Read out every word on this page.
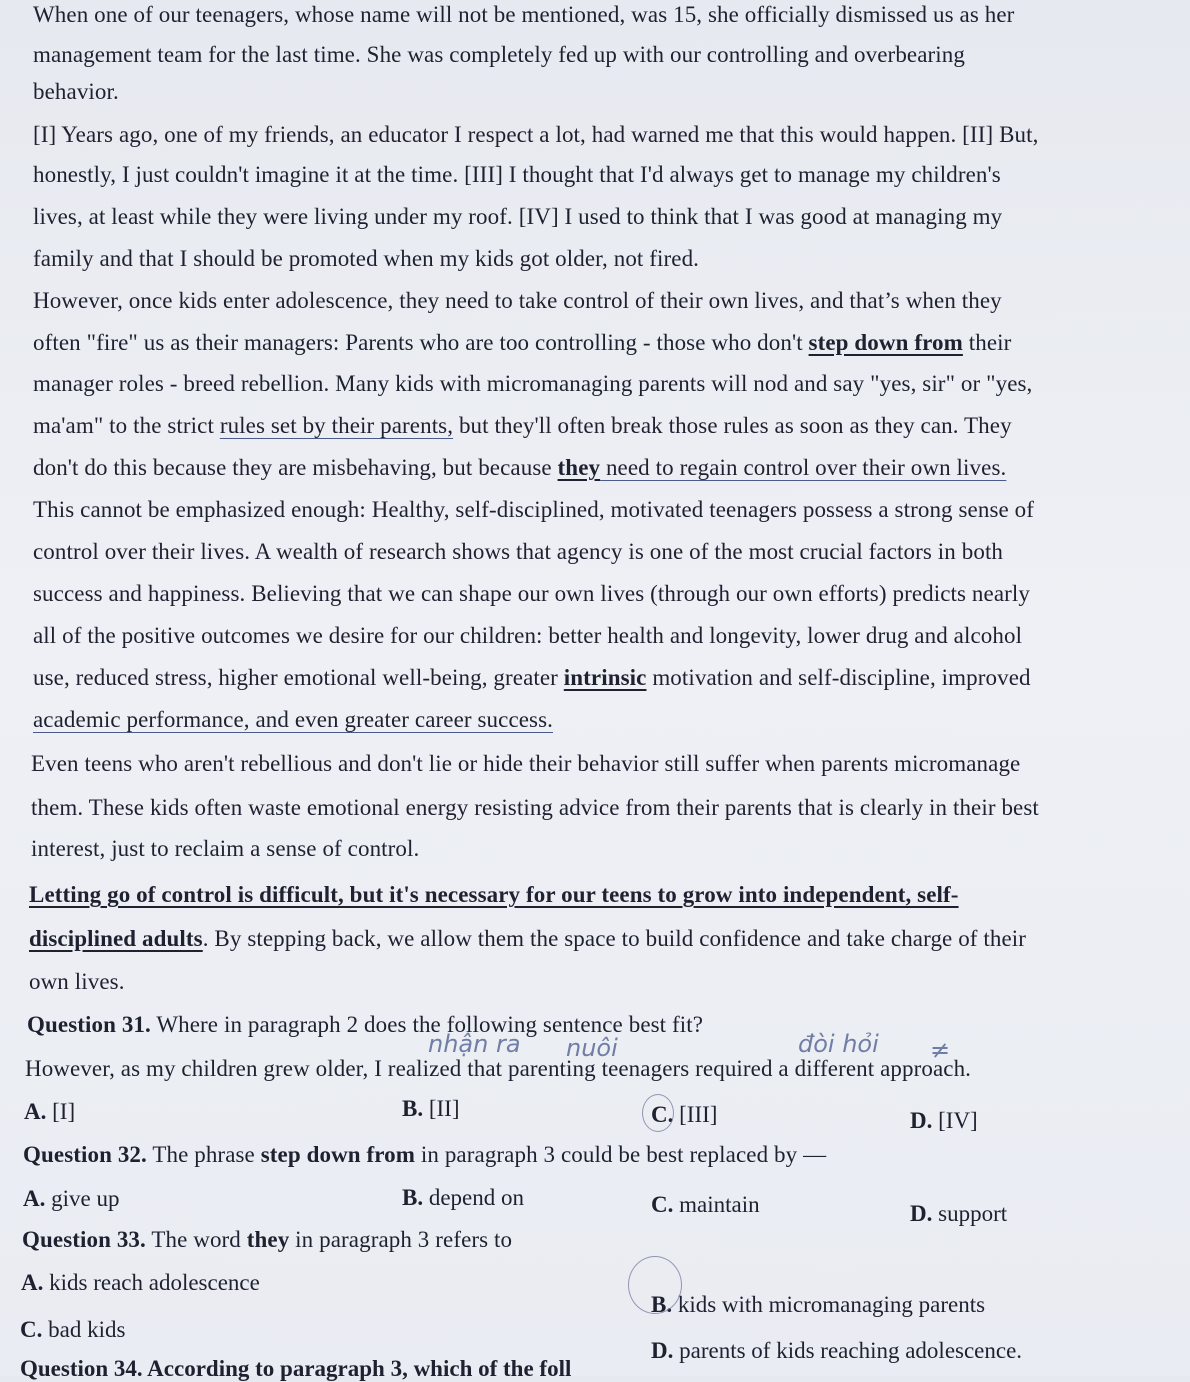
When one of our teenagers, whose name will not be mentioned, was 15, she officially dismissed us as her
management team for the last time. She was completely fed up with our controlling and overbearing
behavior.
[I] Years ago, one of my friends, an educator I respect a lot, had warned me that this would happen. [II] But,
honestly, I just couldn't imagine it at the time. [III] I thought that I'd always get to manage my children's
lives, at least while they were living under my roof. [IV] I used to think that I was good at managing my
family and that I should be promoted when my kids got older, not fired.
However, once kids enter adolescence, they need to take control of their own lives, and that’s when they
often "fire" us as their managers: Parents who are too controlling - those who don't step down from their
manager roles - breed rebellion. Many kids with micromanaging parents will nod and say "yes, sir" or "yes,
ma'am" to the strict rules set by their parents, but they'll often break those rules as soon as they can. They
don't do this because they are misbehaving, but because they need to regain control over their own lives.
This cannot be emphasized enough: Healthy, self-disciplined, motivated teenagers possess a strong sense of
control over their lives. A wealth of research shows that agency is one of the most crucial factors in both
success and happiness. Believing that we can shape our own lives (through our own efforts) predicts nearly
all of the positive outcomes we desire for our children: better health and longevity, lower drug and alcohol
use, reduced stress, higher emotional well-being, greater intrinsic motivation and self-discipline, improved
academic performance, and even greater career success.
Even teens who aren't rebellious and don't lie or hide their behavior still suffer when parents micromanage
them. These kids often waste emotional energy resisting advice from their parents that is clearly in their best
interest, just to reclaim a sense of control.
Letting go of control is difficult, but it's necessary for our teens to grow into independent, self-
disciplined adults. By stepping back, we allow them the space to build confidence and take charge of their
own lives.
Question 31. Where in paragraph 2 does the following sentence best fit?
However, as my children grew older, I realized that parenting teenagers required a different approach.
nhận ra nuôi	đòi hỏi ≠
A. [I]	B. [II]	C. [III]	D. [IV]
Question 32. The phrase step down from in paragraph 3 could be best replaced by —
A. give up	B. depend on	C. maintain	D. support
Question 33. The word they in paragraph 3 refers to
A. kids reach adolescence
B. kids with micromanaging parents
C. bad kids
D. parents of kids reaching adolescence.
Question 34. According to paragraph 3, which of the foll
